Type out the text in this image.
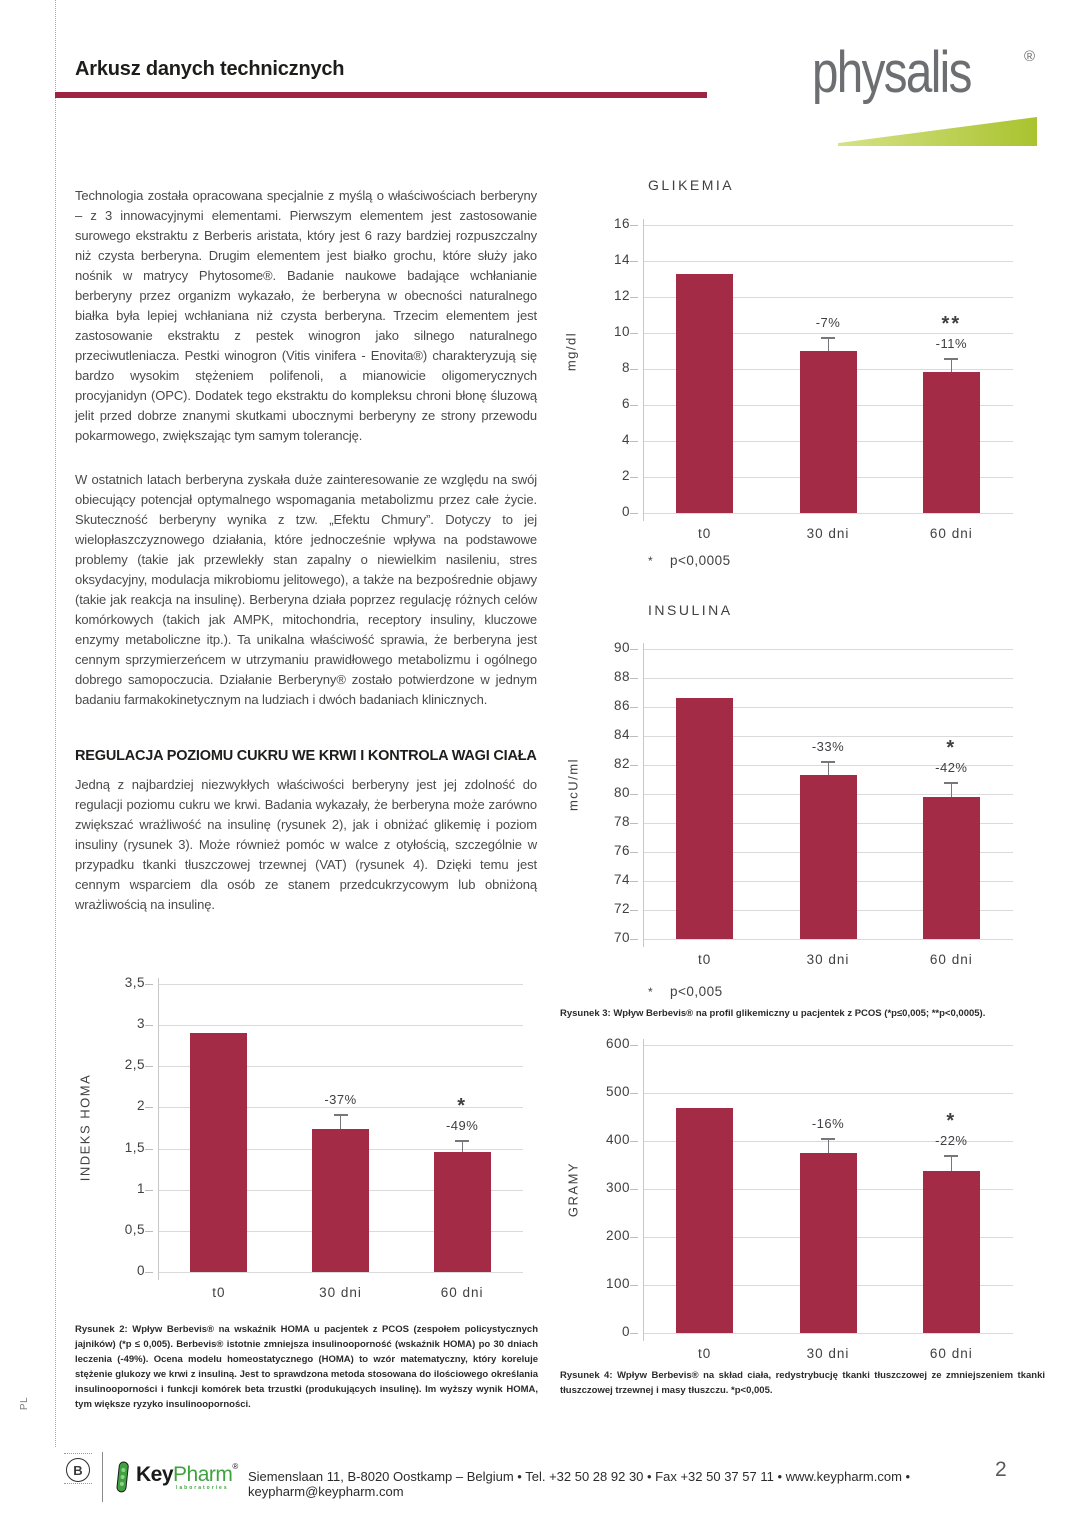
PL
Arkusz danych technicznych	physalis	®

Technologia została opracowana specjalnie z myślą o właściwościach berberyny – z 3 innowacyjnymi elementami. Pierwszym elementem jest zastosowanie surowego ekstraktu z Berberis aristata, który jest 6 razy bardziej rozpuszczalny niż czysta berberyna. Drugim elementem jest białko grochu, które służy jako nośnik w matrycy Phytosome®. Badanie naukowe badające wchłanianie berberyny przez organizm wykazało, że berberyna w obecności naturalnego białka była lepiej wchłaniana niż czysta berberyna. Trzecim elementem jest zastosowanie ekstraktu z pestek winogron jako silnego naturalnego przeciwutleniacza. Pestki winogron (Vitis vinifera - Enovita®) charakteryzują się bardzo wysokim stężeniem polifenoli, a mianowicie oligomerycznych procyjanidyn (OPC). Dodatek tego ekstraktu do kompleksu chroni błonę śluzową jelit przed dobrze znanymi skutkami ubocznymi berberyny ze strony przewodu pokarmowego, zwiększając tym samym tolerancję.

W ostatnich latach berberyna zyskała duże zainteresowanie ze względu na swój obiecujący potencjał optymalnego wspomagania metabolizmu przez całe życie. Skuteczność berberyny wynika z tzw. „Efektu Chmury”. Dotyczy to jej wielopłaszczyznowego działania, które jednocześnie wpływa na podstawowe problemy (takie jak przewlekły stan zapalny o niewielkim nasileniu, stres oksydacyjny, modulacja mikrobiomu jelitowego), a także na bezpośrednie objawy (takie jak reakcja na insulinę). Berberyna działa poprzez regulację różnych celów komórkowych (takich jak AMPK, mitochondria, receptory insuliny, kluczowe enzymy metaboliczne itp.). Ta unikalna właściwość sprawia, że berberyna jest cennym sprzymierzeńcem w utrzymaniu prawidłowego metabolizmu i ogólnego dobrego samopoczucia. Działanie Berberyny® zostało potwierdzone w jednym badaniu farmakokinetycznym na ludziach i dwóch badaniach klinicznych.

REGULACJA POZIOMU CUKRU WE KRWI I KONTROLA WAGI CIAŁA

Jedną z najbardziej niezwykłych właściwości berberyny jest jej zdolność do regulacji poziomu cukru we krwi. Badania wykazały, że berberyna może zarówno zwiększać wrażliwość na insulinę (rysunek 2), jak i obniżać glikemię i poziom insuliny (rysunek 3). Może również pomóc w walce z otyłością, szczególnie w przypadku tkanki tłuszczowej trzewnej (VAT) (rysunek 4). Dzięki temu jest cennym wsparciem dla osób ze stanem przedcukrzycowym lub obniżoną wrażliwością na insulinę.

GLIKEMIA
mg/dl
* p<0,0005
16
14
12
10
8
6
4
2
0
t0
-7%
30 dni
**
-11%
60 dni
INSULINA
mcU/ml
* p<0,005
90
88
86
84
82
80
78
76
74
72
70
t0
-33%
30 dni
*
-42%
60 dni

Rysunek 3: Wpływ Berbevis® na profil glikemiczny u pacjentek z PCOS (*p≤0,005; **p<0,0005).

GRAMY
600
500
400
300
200
100
0
t0
-16%
30 dni
*
-22%
60 dni

Rysunek 4: Wpływ Berbevis® na skład ciała, redystrybucję tkanki tłuszczowej ze zmniejszeniem tkanki tłuszczowej trzewnej i masy tłuszczu. *p<0,005.

INDEKS HOMA
3,5
3
2,5
2
1,5
1
0,5
0
t0
-37%
30 dni
*
-49%
60 dni

Rysunek 2: Wpływ Berbevis® na wskaźnik HOMA u pacjentek z PCOS (zespołem policystycznych jajników) (*p ≤ 0,005). Berbevis® istotnie zmniejsza insulinooporność (wskaźnik HOMA) po 30 dniach leczenia (-49%). Ocena modelu homeostatycznego (HOMA) to wzór matematyczny, który koreluje stężenie glukozy we krwi z insuliną. Jest to sprawdzona metoda stosowana do ilościowego określania insulinooporności i funkcji komórek beta trzustki (produkujących insulinę). Im wyższy wynik HOMA, tym większe ryzyko insulinooporności.

B	KeyPharm®
laboratories
Siemenslaan 11, B-8020 Oostkamp – Belgium • Tel. +32 50 28 92 30 • Fax +32 50 37 57 11 • www.keypharm.com • keypharm@keypharm.com
2
